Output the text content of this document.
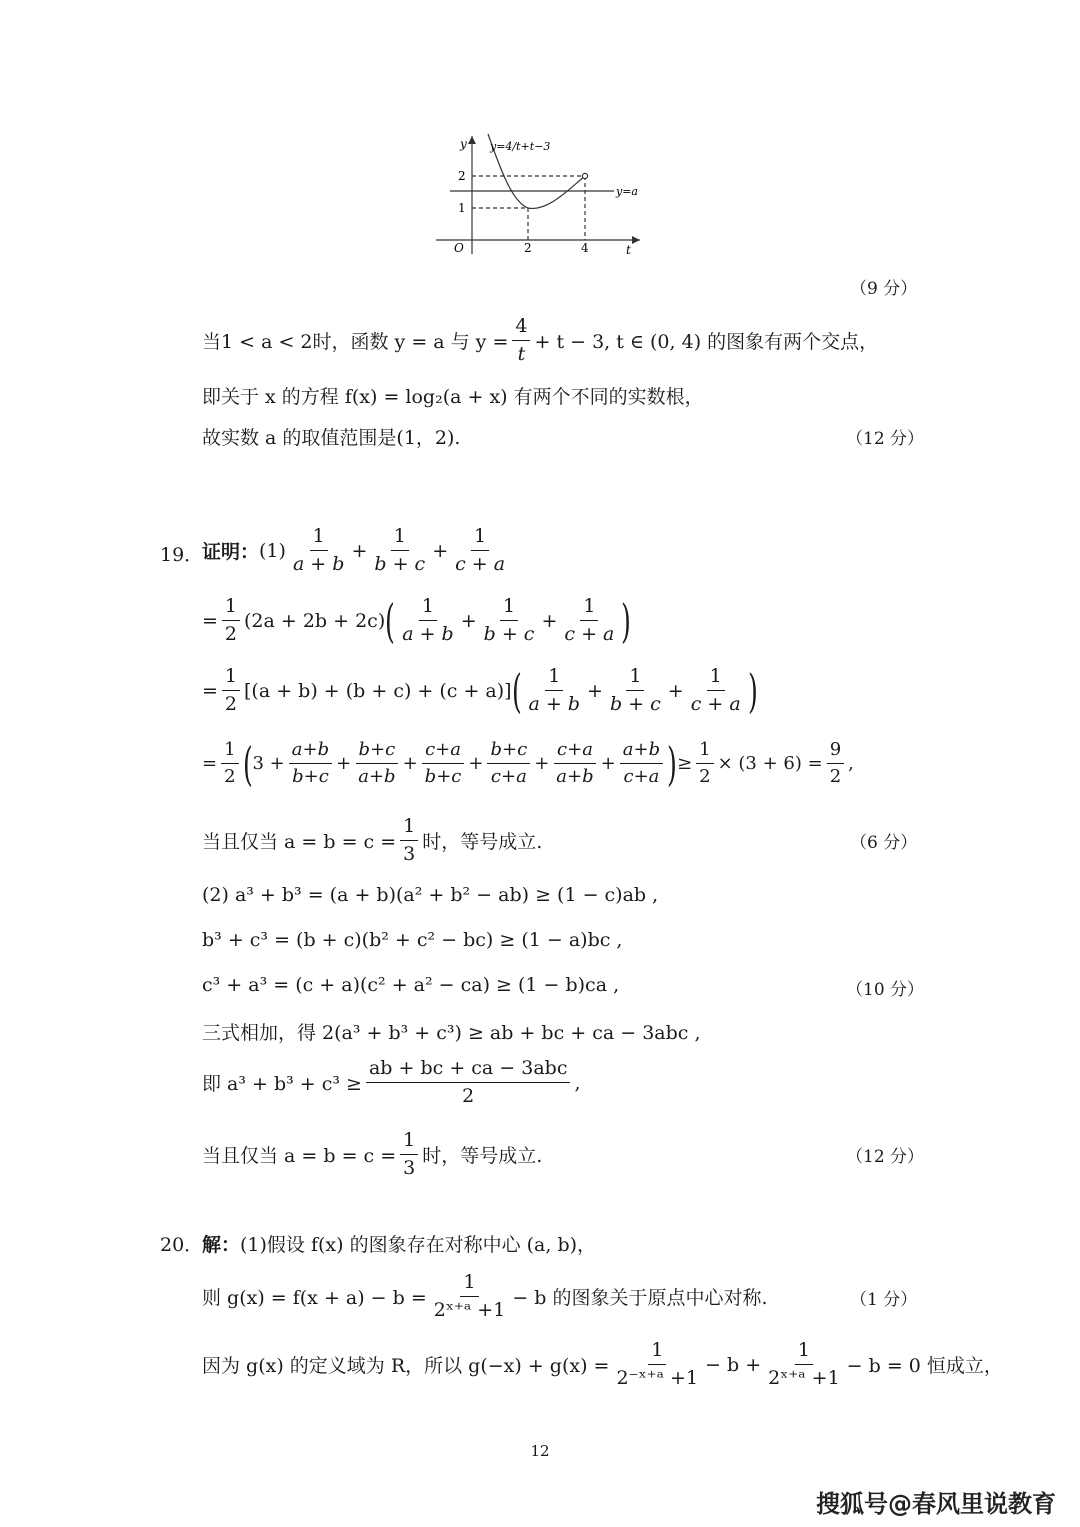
y
t
O
y=4/t+t−3
y=a
2
1
2	4
（9 分）
当1 < a < 2时，函数 y = a 与 $y = \frac{4}{t} + t - 3$, t ∈ (0, 4) 的图象有两个交点，
即关于 x 的方程 f(x) = log₂(a + x) 有两个不同的实数根，
故实数 a 的取值范围是(1，2).	（12 分）
19．
证明： $(1) \frac{1}{a + b} + \frac{1}{b + c} + \frac{1}{c + a}$
= $\frac{1}{2} (2a + 2b + 2c)$ ( $\frac{1}{a + b} + \frac{1}{b + c} + \frac{1}{c + a}$ )
= $\frac{1}{2} [(a + b) + (b + c) + (c + a)]$ ( $\frac{1}{a + b} + \frac{1}{b + c} + \frac{1}{c + a}$ )
= $\frac{1}{2}$ ( $3 + \frac{a+b}{b+c} + \frac{b+c}{a+b} + \frac{c+a}{b+c} + \frac{b+c}{c+a} + \frac{c+a}{a+b} + \frac{a+b}{c+a}$ ) ≥ $\frac{1}{2} \times (3 + 6) = \frac{9}{2}$ ,
当且仅当 $a = b = c = \frac{1}{3}$ 时，等号成立.	（6 分）
(2) a³ + b³ = (a + b)(a² + b² − ab) ≥ (1 − c)ab ,
b³ + c³ = (b + c)(b² + c² − bc) ≥ (1 − a)bc ,
c³ + a³ = (c + a)(c² + a² − ca) ≥ (1 − b)ca ,	（10 分）
三式相加，得 2(a³ + b³ + c³) ≥ ab + bc + ca − 3abc ,
即 $a^3 + b^3 + c^3 \ge \frac{\text{ab + bc + ca − 3abc}}{2}$ ,
当且仅当 $a = b = c = \frac{1}{3}$ 时，等号成立.	（12 分）
20．
解： (1)假设 f(x) 的图象存在对称中心 (a, b)，
则 $g(x) = f(x + a) - b = \frac{1}{\text{2ˣ⁺ᵃ +1}} - b$ 的图象关于原点中心对称.	（1 分）
因为 g(x) 的定义域为 R，所以 $g(-x) + g(x) = \frac{1}{\text{2⁻ˣ⁺ᵃ +1}} - b + \frac{1}{\text{2ˣ⁺ᵃ +1}} - b = 0$ 恒成立，
12
搜狐号@春风里说教育
